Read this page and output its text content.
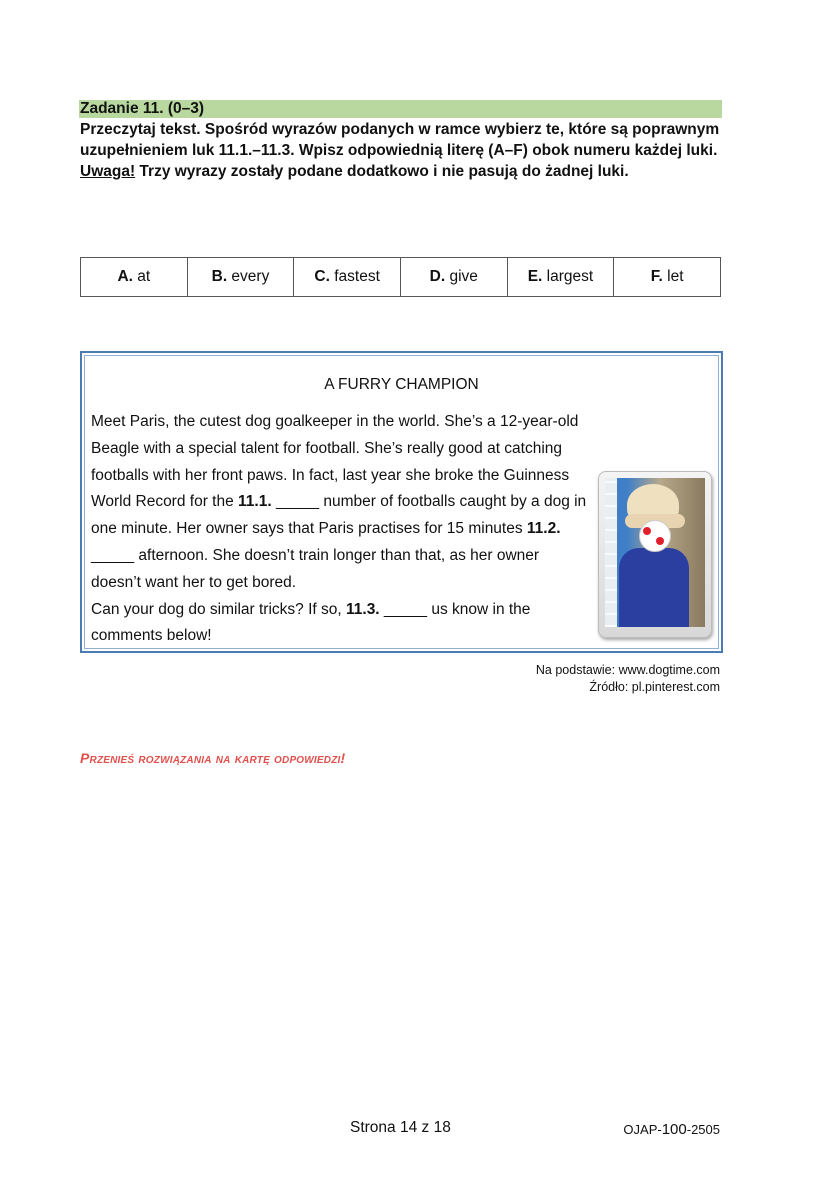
Zadanie 11. (0–3)
Przeczytaj tekst. Spośród wyrazów podanych w ramce wybierz te, które są poprawnym uzupełnieniem luk 11.1.–11.3. Wpisz odpowiednią literę (A–F) obok numeru każdej luki.
Uwaga! Trzy wyrazy zostały podane dodatkowo i nie pasują do żadnej luki.
A. at	B. every	C. fastest	D. give	E. largest	F. let
A FURRY CHAMPION
Meet Paris, the cutest dog goalkeeper in the world. She’s a 12-year-old Beagle with a special talent for football. She’s really good at catching footballs with her front paws. In fact, last year she broke the Guinness World Record for the 11.1. _____ number of footballs caught by a dog in one minute. Her owner says that Paris practises for 15 minutes 11.2. _____ afternoon. She doesn’t train longer than that, as her owner doesn’t want her to get bored.
Can your dog do similar tricks? If so, 11.3. _____ us know in the comments below!
Na podstawie: www.dogtime.com
Źródło: pl.pinterest.com
Przenieś rozwiązania na kartę odpowiedzi!
Strona 14 z 18	OJAP-100-2505
